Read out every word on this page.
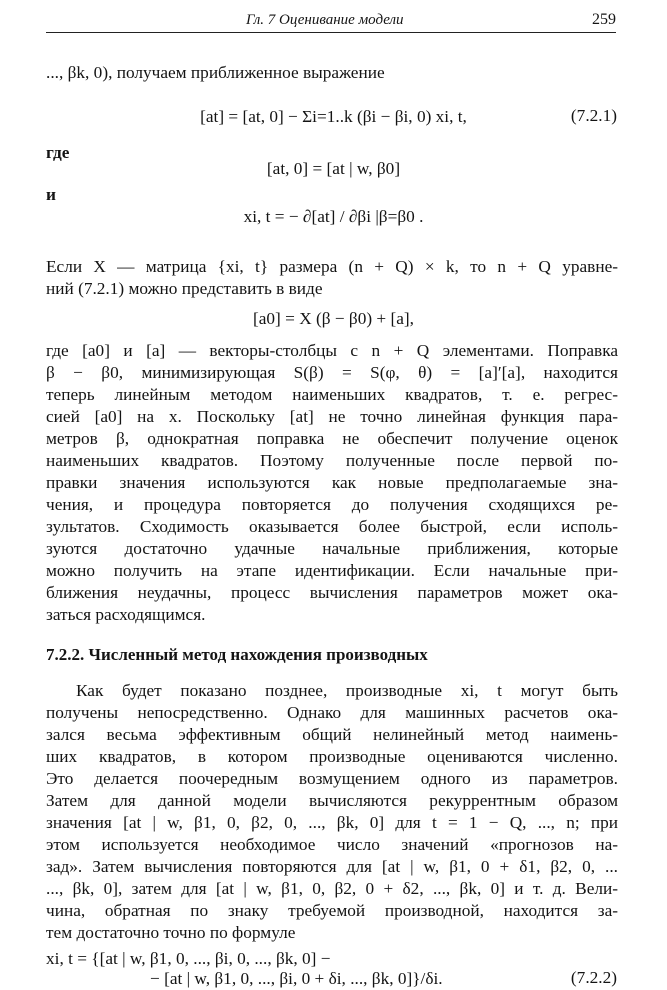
Гл. 7 Оценивание модели	259
..., βk, 0), получаем приближенное выражение
[at] = [at, 0] − Σi=1..k (βi − βi, 0) xi, t,	(7.2.1)
где
[at, 0] = [at | w, β0]
и
xi, t = − ∂[at] / ∂βi |β=β0 .
Если X — матрица {xi, t} размера (n + Q) × k, то n + Q уравне-
ний (7.2.1) можно представить в виде
[a0] = X (β − β0) + [a],
где [a0] и [a] — векторы-столбцы с n + Q элементами. Поправка
β − β0, минимизирующая S(β) = S(φ, θ) = [a]′[a], находится
теперь линейным методом наименьших квадратов, т. е. регрес-
сией [a0] на x. Поскольку [at] не точно линейная функция пара-
метров β, однократная поправка не обеспечит получение оценок
наименьших квадратов. Поэтому полученные после первой по-
правки значения используются как новые предполагаемые зна-
чения, и процедура повторяется до получения сходящихся ре-
зультатов. Сходимость оказывается более быстрой, если исполь-
зуются достаточно удачные начальные приближения, которые
можно получить на этапе идентификации. Если начальные при-
ближения неудачны, процесс вычисления параметров может ока-
заться расходящимся.
7.2.2. Численный метод нахождения производных
Как будет показано позднее, производные xi, t могут быть
получены непосредственно. Однако для машинных расчетов ока-
зался весьма эффективным общий нелинейный метод наимень-
ших квадратов, в котором производные оцениваются численно.
Это делается поочередным возмущением одного из параметров.
Затем для данной модели вычисляются рекуррентным образом
значения [at | w, β1, 0, β2, 0, ..., βk, 0] для t = 1 − Q, ..., n; при
этом используется необходимое число значений «прогнозов на-
зад». Затем вычисления повторяются для [at | w, β1, 0 + δ1, β2, 0, ...
..., βk, 0], затем для [at | w, β1, 0, β2, 0 + δ2, ..., βk, 0] и т. д. Вели-
чина, обратная по знаку требуемой производной, находится за-
тем достаточно точно по формуле
xi, t = {[at | w, β1, 0, ..., βi, 0, ..., βk, 0] −
− [at | w, β1, 0, ..., βi, 0 + δi, ..., βk, 0]}/δi.	(7.2.2)
